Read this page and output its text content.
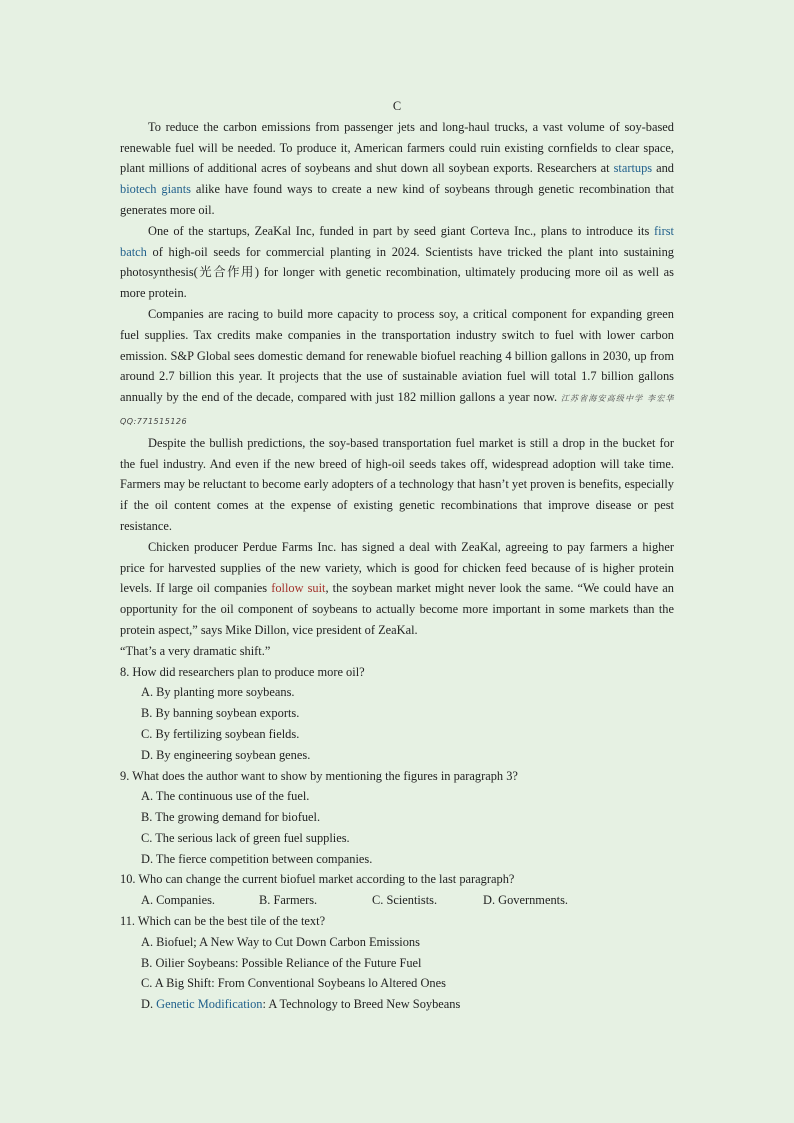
C

To reduce the carbon emissions from passenger jets and long-haul trucks, a vast volume of soy-based renewable fuel will be needed. To produce it, American farmers could ruin existing cornfields to clear space, plant millions of additional acres of soybeans and shut down all soybean exports. Researchers at startups and biotech giants alike have found ways to create a new kind of soybeans through genetic recombination that generates more oil.

One of the startups, ZeaKal Inc, funded in part by seed giant Corteva Inc., plans to introduce its first batch of high-oil seeds for commercial planting in 2024. Scientists have tricked the plant into sustaining photosynthesis(光合作用) for longer with genetic recombination, ultimately producing more oil as well as more protein.

Companies are racing to build more capacity to process soy, a critical component for expanding green fuel supplies. Tax credits make companies in the transportation industry switch to fuel with lower carbon emission. S&P Global sees domestic demand for renewable biofuel reaching 4 billion gallons in 2030, up from around 2.7 billion this year. It projects that the use of sustainable aviation fuel will total 1.7 billion gallons annually by the end of the decade, compared with just 182 million gallons a year now. 江苏省海安高级中学 李宏华 QQ:771515126

Despite the bullish predictions, the soy-based transportation fuel market is still a drop in the bucket for the fuel industry. And even if the new breed of high-oil seeds takes off, widespread adoption will take time. Farmers may be reluctant to become early adopters of a technology that hasn’t yet proven is benefits, especially if the oil content comes at the expense of existing genetic recombinations that improve disease or pest resistance.

Chicken producer Perdue Farms Inc. has signed a deal with ZeaKal, agreeing to pay farmers a higher price for harvested supplies of the new variety, which is good for chicken feed because of is higher protein levels. If large oil companies follow suit, the soybean market might never look the same. “We could have an opportunity for the oil component of soybeans to actually become more important in some markets than the protein aspect,” says Mike Dillon, vice president of ZeaKal.

“That’s a very dramatic shift.”

8. How did researchers plan to produce more oil?

A. By planting more soybeans.

B. By banning soybean exports.

C. By fertilizing soybean fields.

D. By engineering soybean genes.

9. What does the author want to show by mentioning the figures in paragraph 3?

A. The continuous use of the fuel.

B. The growing demand for biofuel.

C. The serious lack of green fuel supplies.

D. The fierce competition between companies.

10. Who can change the current biofuel market according to the last paragraph?

A. Companies.	B. Farmers.	C. Scientists.	D. Governments.

11. Which can be the best tile of the text?

A. Biofuel; A New Way to Cut Down Carbon Emissions

B. Oilier Soybeans: Possible Reliance of the Future Fuel

C. A Big Shift: From Conventional Soybeans lo Altered Ones

D. Genetic Modification: A Technology to Breed New Soybeans
